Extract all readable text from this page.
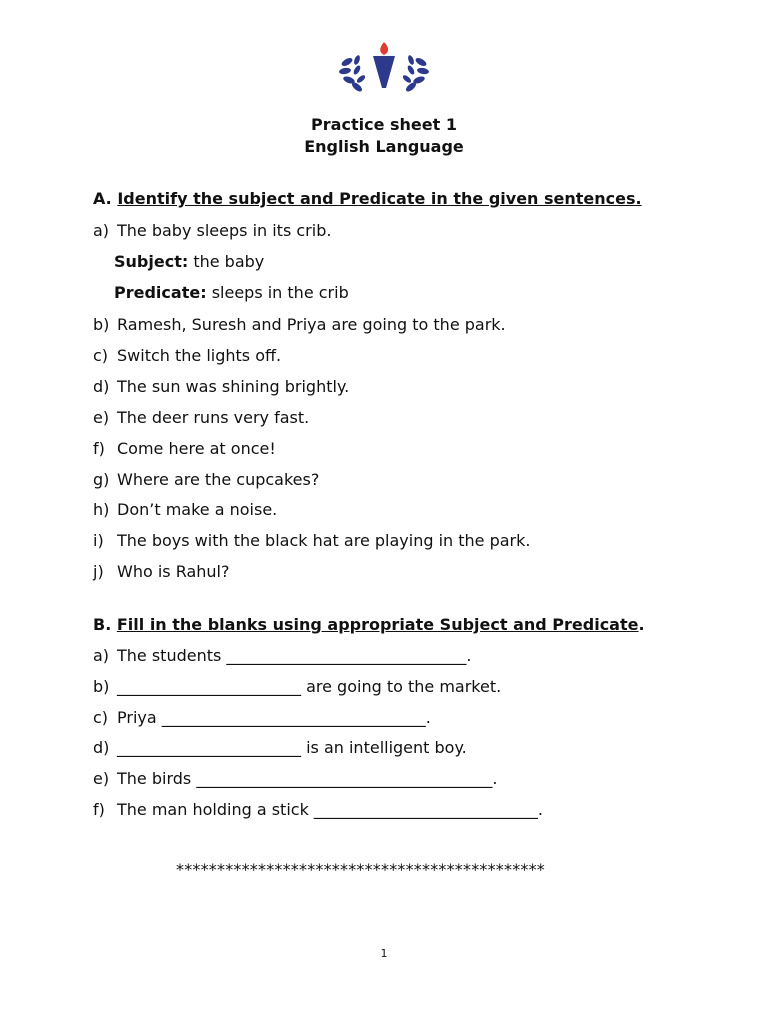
Practice sheet 1
English Language
A. Identify the subject and Predicate in the given sentences.
a) The baby sleeps in its crib.
Subject: the baby
Predicate: sleeps in the crib
b) Ramesh, Suresh and Priya are going to the park.
c) Switch the lights off.
d) The sun was shining brightly.
e) The deer runs very fast.
f) Come here at once!
g) Where are the cupcakes?
h) Don’t make a noise.
i) The boys with the black hat are playing in the park.
j) Who is Rahul?
B. Fill in the blanks using appropriate Subject and Predicate.
a) The students ______________________________.
b) _______________________ are going to the market.
c) Priya _________________________________.
d) _______________________ is an intelligent boy.
e) The birds _____________________________________.
f) The man holding a stick ____________________________.
*********************************************
1
